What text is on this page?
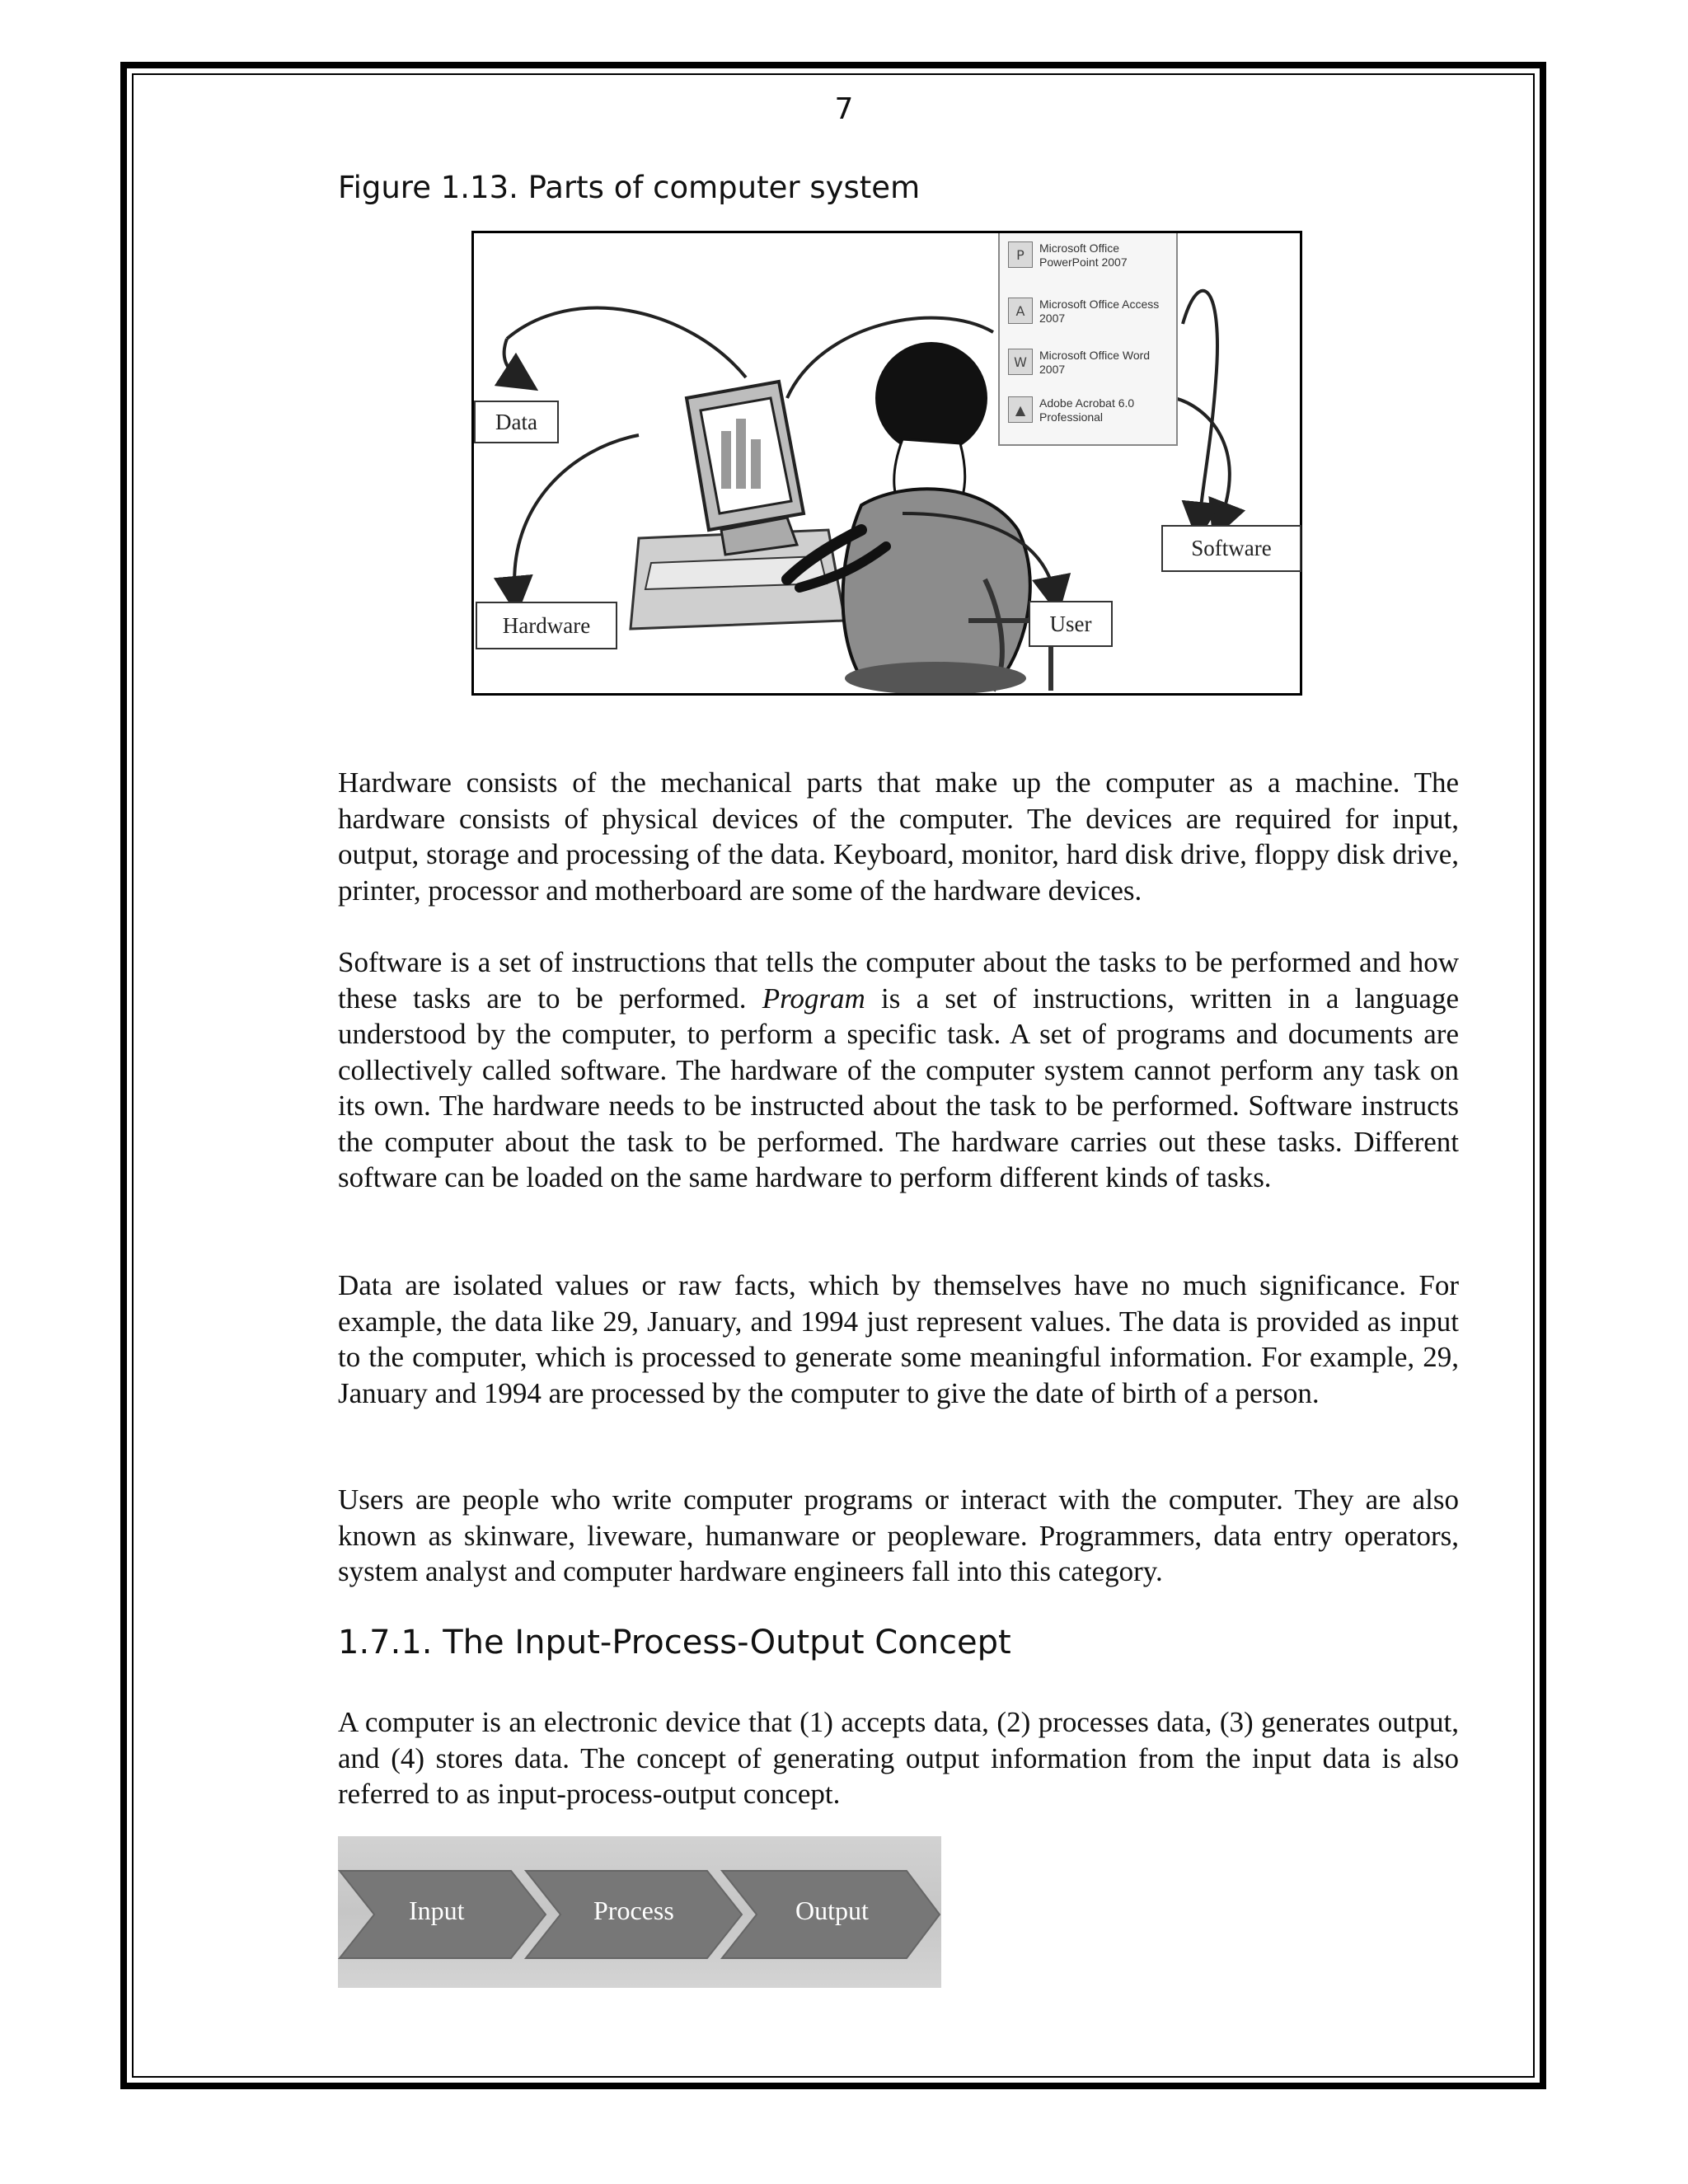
7
Figure 1.13. Parts of computer system
P	Microsoft Office PowerPoint 2007
A	Microsoft Office Access 2007
W	Microsoft Office Word 2007
▲	Adobe Acrobat 6.0 Professional
Data
Hardware	User
Software

Hardware consists of the mechanical parts that make up the computer as a machine. The hardware consists of physical devices of the computer. The devices are required for input, output, storage and processing of the data. Keyboard, monitor, hard disk drive, floppy disk drive, printer, processor and motherboard are some of the hardware devices.

Software is a set of instructions that tells the computer about the tasks to be performed and how these tasks are to be performed. Program is a set of instructions, written in a language understood by the computer, to perform a specific task. A set of programs and documents are collectively called software. The hardware of the computer system cannot perform any task on its own. The hardware needs to be instructed about the task to be performed. Software instructs the computer about the task to be performed. The hardware carries out these tasks. Different software can be loaded on the same hardware to perform different kinds of tasks.

Data are isolated values or raw facts, which by themselves have no much significance. For example, the data like 29, January, and 1994 just represent values. The data is provided as input to the computer, which is processed to generate some meaningful information. For example, 29, January and 1994 are processed by the computer to give the date of birth of a person.

Users are people who write computer programs or interact with the computer. They are also known as skinware, liveware, humanware or peopleware. Programmers, data entry operators, system analyst and computer hardware engineers fall into this category.

1.7.1. The Input-Process-Output Concept

A computer is an electronic device that (1) accepts data, (2) processes data, (3) generates output, and (4) stores data. The concept of generating output information from the input data is also referred to as input-process-output concept.

Input	Process	Output
